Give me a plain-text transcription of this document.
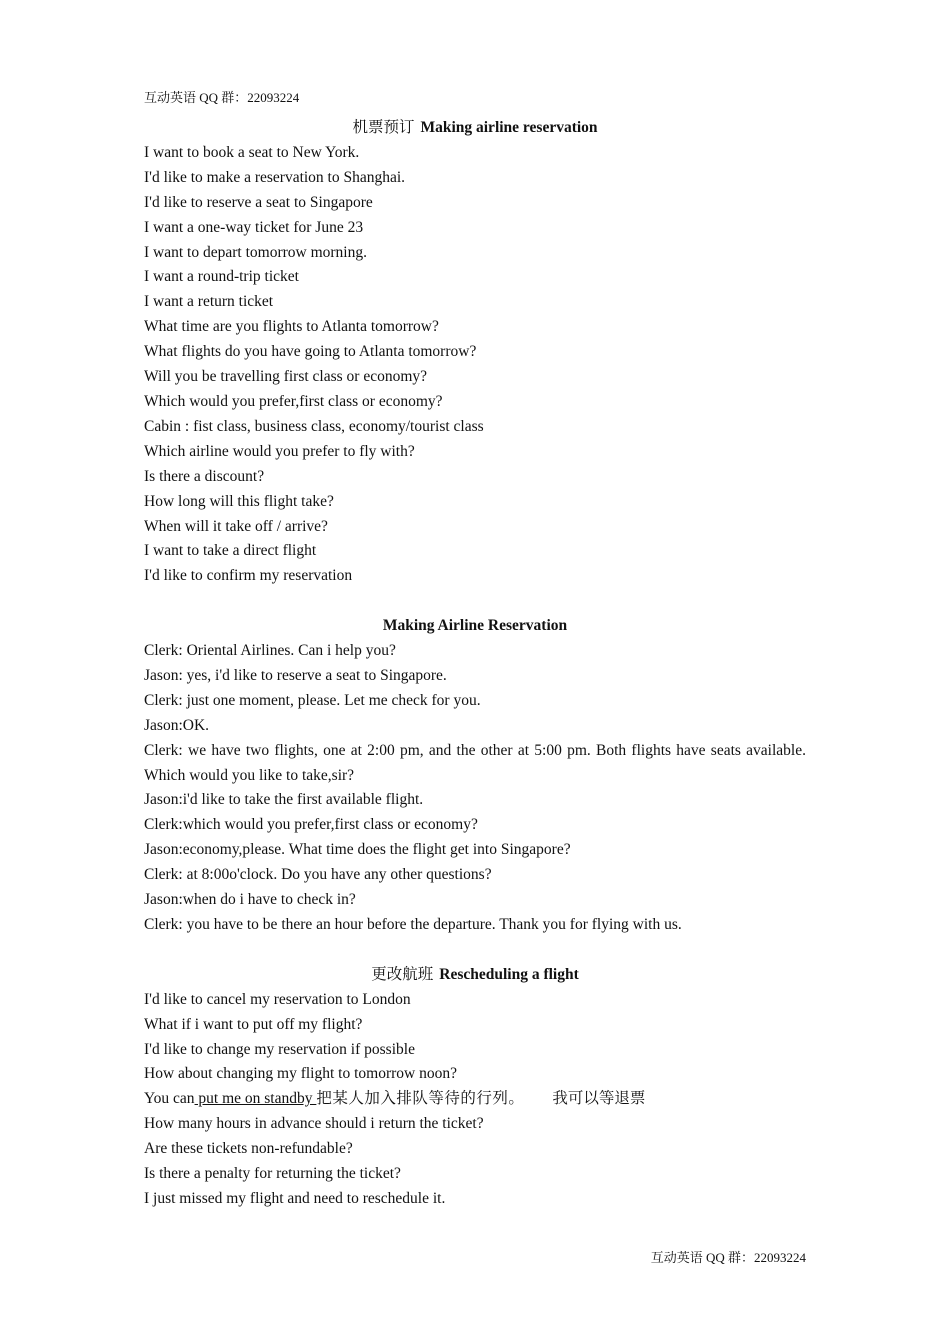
互动英语 QQ 群：22093224

机票预订 Making airline reservation

I want to book a seat to New York.

I'd like to make a reservation to Shanghai.

I'd like to reserve a seat to Singapore

I want a one-way ticket for June 23

I want to depart tomorrow morning.

I want a round-trip ticket

I want a return ticket

What time are you flights to Atlanta tomorrow?

What flights do you have going to Atlanta tomorrow?

Will you be travelling first class or economy?

Which would you prefer,first class or economy?

Cabin : fist class, business class, economy/tourist class

Which airline would you prefer to fly with?

Is there a discount?

How long will this flight take?

When will it take off / arrive?

I want to take a direct flight

I'd like to confirm my reservation

Making Airline Reservation

Clerk: Oriental Airlines. Can i help you?

Jason: yes, i'd like to reserve a seat to Singapore.

Clerk: just one moment, please. Let me check for you.

Jason:OK.

Clerk: we have two flights, one at 2:00 pm, and the other at 5:00 pm. Both flights have seats available. Which would you like to take,sir?

Jason:i'd like to take the first available flight.

Clerk:which would you prefer,first class or economy?

Jason:economy,please. What time does the flight get into Singapore?

Clerk: at 8:00o'clock. Do you have any other questions?

Jason:when do i have to check in?

Clerk: you have to be there an hour before the departure. Thank you for flying with us.

更改航班 Rescheduling a flight

I'd like to cancel my reservation to London

What if i want to put off my flight?

I'd like to change my reservation if possible

How about changing my flight to tomorrow noon?

You can put me on standby 把某人加入排队等待的行列。 我可以等退票

How many hours in advance should i return the ticket?

Are these tickets non-refundable?

Is there a penalty for returning the ticket?

I just missed my flight and need to reschedule it.

互动英语 QQ 群：22093224
